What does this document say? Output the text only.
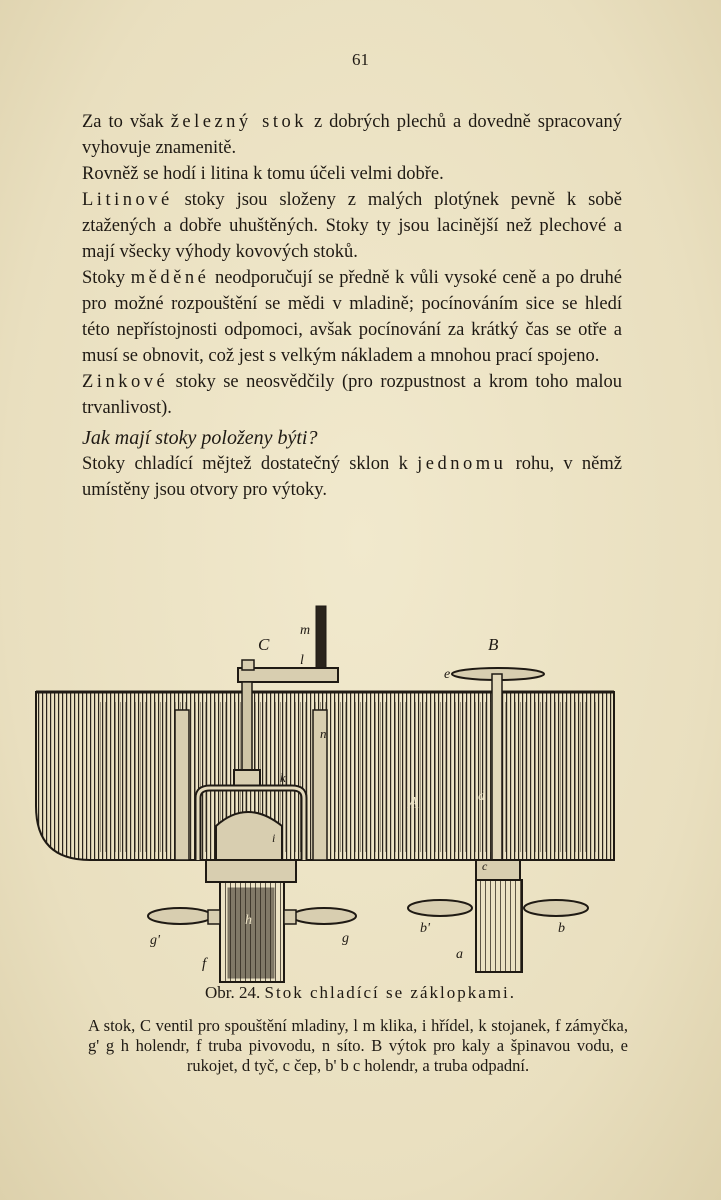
61

Za to však železný stok z dobrých plechů a dovedně spracovaný vyhovuje znamenitě.

Rovněž se hodí i litina k tomu účeli velmi dobře.

Litinové stoky jsou složeny z malých plotýnek pevně k sobě ztažených a dobře uhuštěných. Stoky ty jsou lacinější než plechové a mají všecky výhody kovových stoků.

Stoky měděné neodporučují se předně k vůli vysoké ceně a po druhé pro možné rozpouštění se mědi v mladině; pocínováním sice se hledí této nepřístojnosti odpomoci, avšak pocínování za krátký čas se otře a musí se obnovit, což jest s velkým nákladem a mnohou prací spojeno.

Zinkové stoky se neosvědčily (pro rozpustnost a krom toho malou trvanlivost).

Jak mají stoky položeny býti?

Stoky chladící mějtež dostatečný sklon k jednomu rohu, v němž umístěny jsou otvory pro výtoky.

C
m
l
B
e
n
k
A	d
c
i
g'
h
g
f
b'	b
a
Obr. 24. Stok chladící se záklopkami.
A stok, C ventil pro spouštění mladiny, l m klika, i hřídel, k stojanek, f zámyčka, g' g h holendr, f truba pivovodu, n síto. B výtok pro kaly a špinavou vodu, e rukojet, d tyč, c čep, b' b c holendr, a truba odpadní.
